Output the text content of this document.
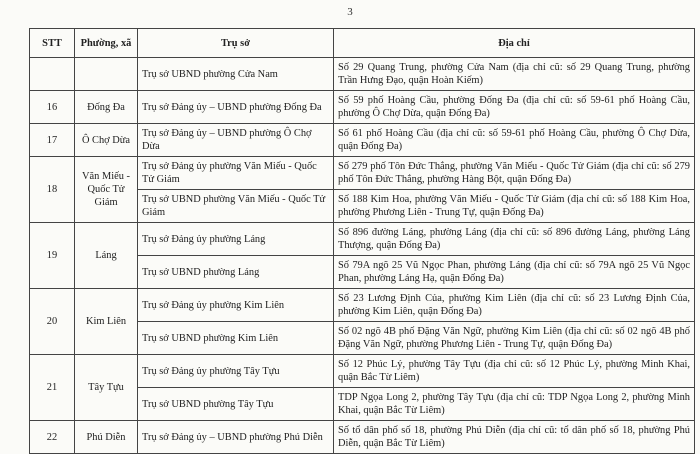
3
STT	Phường, xã	Trụ sở	Địa chỉ
		Trụ sở UBND phường Cửa Nam	Số 29 Quang Trung, phường Cửa Nam (địa chỉ cũ: số 29 Quang Trung, phường Trần Hưng Đạo, quận Hoàn Kiếm)
16	Đống Đa	Trụ sở Đảng ủy – UBND phường Đống Đa	Số 59 phố Hoàng Cầu, phường Đống Đa (địa chỉ cũ: số 59-61 phố Hoàng Cầu, phường Ô Chợ Dừa, quận Đống Đa)
17	Ô Chợ Dừa	Trụ sở Đảng ủy – UBND phường Ô Chợ Dừa	Số 61 phố Hoàng Cầu (địa chỉ cũ: số 59-61 phố Hoàng Cầu, phường Ô Chợ Dừa, quận Đống Đa)
18	Văn Miếu - Quốc Tử Giám	Trụ sở Đảng ủy phường Văn Miếu - Quốc Tử Giám	Số 279 phố Tôn Đức Thắng, phường Văn Miếu - Quốc Tử Giám (địa chỉ cũ: số 279 phố Tôn Đức Thắng, phường Hàng Bột, quận Đống Đa)
		Trụ sở UBND phường Văn Miếu - Quốc Tử Giám	Số 188 Kim Hoa, phường Văn Miếu - Quốc Tử Giám (địa chỉ cũ: số 188 Kim Hoa, phường Phương Liên - Trung Tự, quận Đống Đa)
19	Láng	Trụ sở Đảng ủy phường Láng	Số 896 đường Láng, phường Láng (địa chỉ cũ: số 896 đường Láng, phường Láng Thượng, quận Đống Đa)
		Trụ sở UBND phường Láng	Số 79A ngõ 25 Vũ Ngọc Phan, phường Láng (địa chỉ cũ: số 79A ngõ 25 Vũ Ngọc Phan, phường Láng Hạ, quận Đống Đa)
20	Kim Liên	Trụ sở Đảng ủy phường Kim Liên	Số 23 Lương Định Của, phường Kim Liên (địa chỉ cũ: số 23 Lương Định Của, phường Kim Liên, quận Đống Đa)
		Trụ sở UBND phường Kim Liên	Số 02 ngõ 4B phố Đặng Văn Ngữ, phường Kim Liên (địa chỉ cũ: số 02 ngõ 4B phố Đặng Văn Ngữ, phường Phương Liên - Trung Tự, quận Đống Đa)
21	Tây Tựu	Trụ sở Đảng ủy phường Tây Tựu	Số 12 Phúc Lý, phường Tây Tựu (địa chỉ cũ: số 12 Phúc Lý, phường Minh Khai, quận Bắc Từ Liêm)
		Trụ sở UBND phường Tây Tựu	TDP Ngọa Long 2, phường Tây Tựu (địa chỉ cũ: TDP Ngọa Long 2, phường Minh Khai, quận Bắc Từ Liêm)
22	Phú Diễn	Trụ sở Đảng ủy – UBND phường Phú Diễn	Số tổ dân phố số 18, phường Phú Diễn (địa chỉ cũ: tổ dân phố số 18, phường Phú Diễn, quận Bắc Từ Liêm)
